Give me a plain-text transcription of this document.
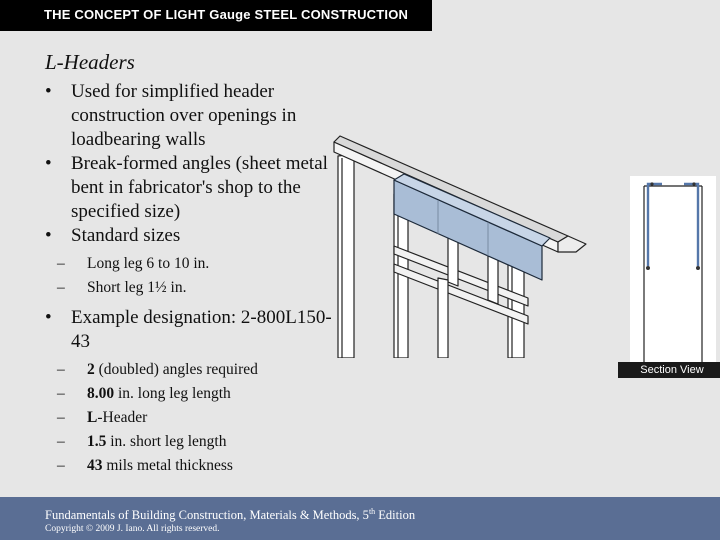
THE CONCEPT OF LIGHT Gauge STEEL CONSTRUCTION
L-Headers
• Used for simplified header construction over openings in loadbearing walls
• Break-formed angles (sheet metal bent in fabricator's shop to the specified size)
• Standard sizes
– Long leg 6 to 10 in.
– Short leg 1½ in.
• Example designation: 2-800L150-43
– 2 (doubled) angles required
– 8.00 in. long leg length
– L-Header
– 1.5 in. short leg length
– 43 mils metal thickness
Section View
Fundamentals of Building Construction, Materials & Methods, 5th Edition
Copyright © 2009 J. Iano. All rights reserved.
